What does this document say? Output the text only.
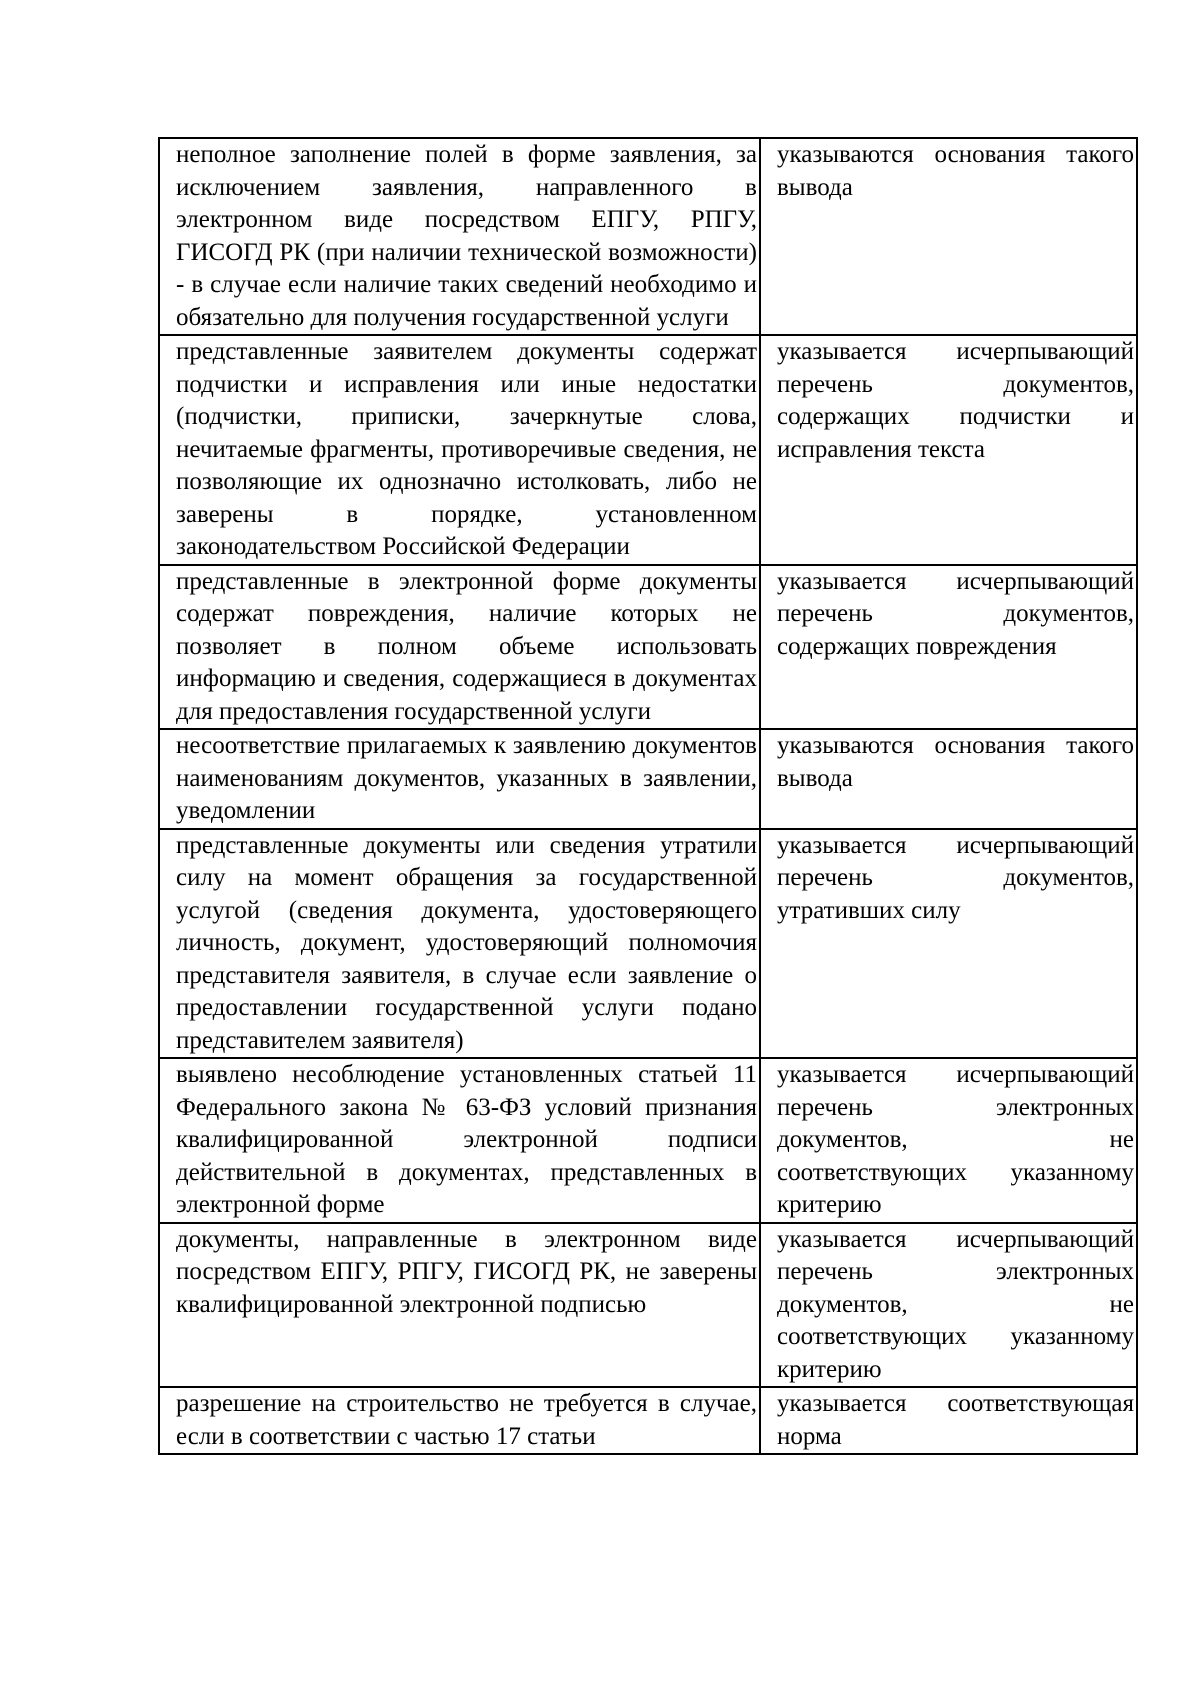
неполное заполнение полей в форме заявления, за исключением заявления, направленного в электронном виде посредством ЕПГУ, РПГУ, ГИСОГД РК (при наличии технической возможности) - в случае если наличие таких сведений необходимо и обязательно для получения государственной услуги	указываются основания такого вывода
представленные заявителем документы содержат подчистки и исправления или иные недостатки (подчистки, приписки, зачеркнутые слова, нечитаемые фрагменты, противоречивые сведения, не позволяющие их однозначно истолковать, либо не заверены в порядке, установленном законодательством Российской Федерации	указывается исчерпывающий перечень документов, содержащих подчистки и исправления текста
представленные в электронной форме документы содержат повреждения, наличие которых не позволяет в полном объеме использовать информацию и сведения, содержащиеся в документах для предоставления государственной услуги	указывается исчерпывающий перечень документов, содержащих повреждения
несоответствие прилагаемых к заявлению документов наименованиям документов, указанных в заявлении, уведомлении	указываются основания такого вывода
представленные документы или сведения утратили силу на момент обращения за государственной услугой (сведения документа, удостоверяющего личность, документ, удостоверяющий полномочия представителя заявителя, в случае если заявление о предоставлении государственной услуги подано представителем заявителя)	указывается исчерпывающий перечень документов, утративших силу
выявлено несоблюдение установленных статьей 11 Федерального закона № 63-ФЗ условий признания квалифицированной электронной подписи действительной в документах, представленных в электронной форме	указывается исчерпывающий перечень электронных документов, не соответствующих указанному критерию
документы, направленные в электронном виде посредством ЕПГУ, РПГУ, ГИСОГД РК, не заверены квалифицированной электронной подписью	указывается исчерпывающий перечень электронных документов, не соответствующих указанному критерию
разрешение на строительство не требуется в случае, если в соответствии с частью 17 статьи	указывается соответствующая норма
